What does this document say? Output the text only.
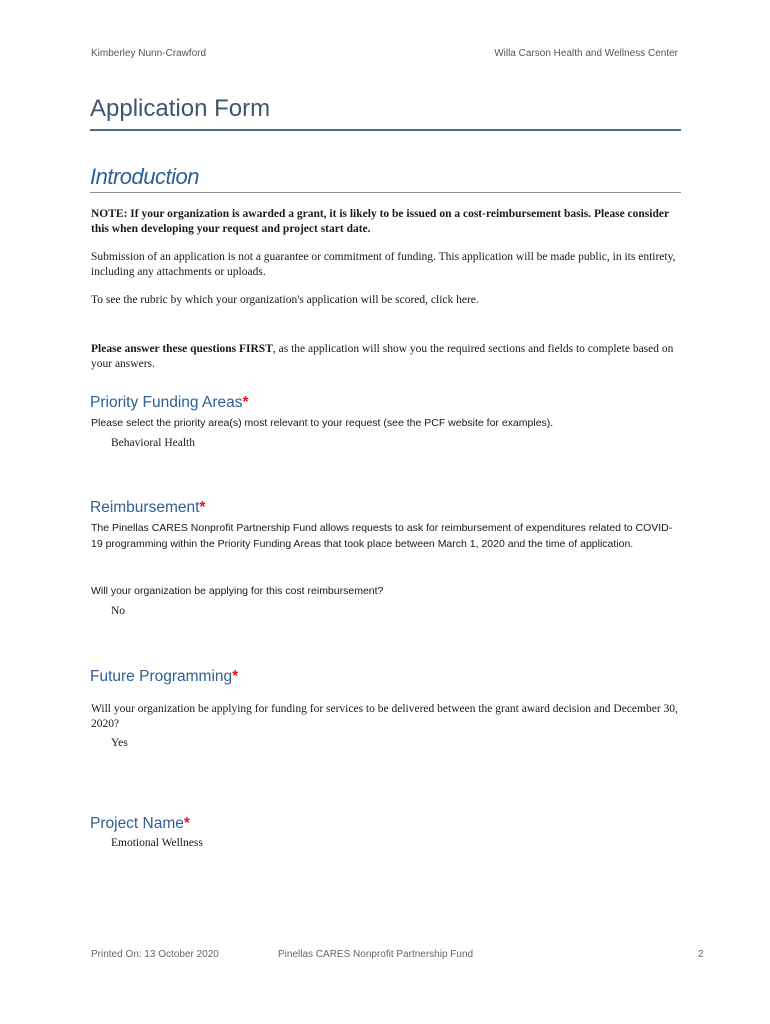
Kimberley Nunn-Crawford	Willa Carson Health and Wellness Center
Application Form
Introduction
NOTE: If your organization is awarded a grant, it is likely to be issued on a cost-reimbursement basis. Please consider this when developing your request and project start date.
Submission of an application is not a guarantee or commitment of funding. This application will be made public, in its entirety, including any attachments or uploads.
To see the rubric by which your organization's application will be scored, click here.
Please answer these questions FIRST, as the application will show you the required sections and fields to complete based on your answers.
Priority Funding Areas*
Please select the priority area(s) most relevant to your request (see the PCF website for examples).
Behavioral Health
Reimbursement*
The Pinellas CARES Nonprofit Partnership Fund allows requests to ask for reimbursement of expenditures related to COVID-19 programming within the Priority Funding Areas that took place between March 1, 2020 and the time of application.
Will your organization be applying for this cost reimbursement?
No
Future Programming*
Will your organization be applying for funding for services to be delivered between the grant award decision and December 30, 2020?
Yes
Project Name*
Emotional Wellness
Printed On: 13 October 2020	Pinellas CARES Nonprofit Partnership Fund	2
